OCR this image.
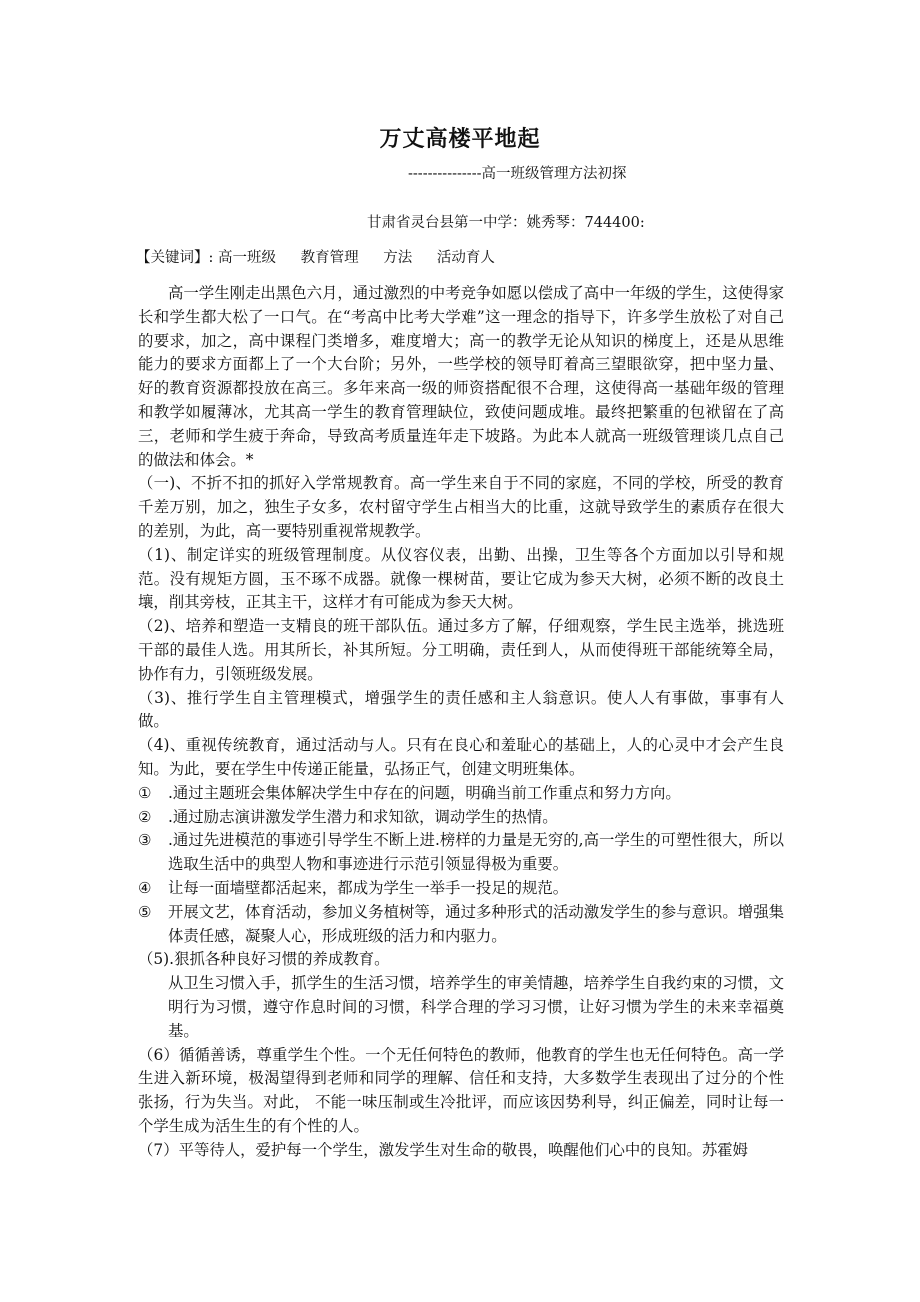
万丈高楼平地起
---------------高一班级管理方法初探
甘肃省灵台县第一中学：姚秀琴：744400:
【关键词】: 高一班级 教育管理 方法 活动育人

高一学生刚走出黑色六月，通过激烈的中考竞争如愿以偿成了高中一年级的学生，这使得家长和学生都大松了一口气。在“考高中比考大学难”这一理念的指导下，许多学生放松了对自己的要求，加之，高中课程门类增多，难度增大；高一的教学无论从知识的梯度上，还是从思维能力的要求方面都上了一个大台阶；另外，一些学校的领导盯着高三望眼欲穿，把中坚力量、好的教育资源都投放在高三。多年来高一级的师资搭配很不合理，这使得高一基础年级的管理和教学如履薄冰，尤其高一学生的教育管理缺位，致使问题成堆。最终把繁重的包袱留在了高三，老师和学生疲于奔命，导致高考质量连年走下坡路。为此本人就高一班级管理谈几点自己的做法和体会。*

（一)、不折不扣的抓好入学常规教育。高一学生来自于不同的家庭，不同的学校，所受的教育千差万别，加之，独生子女多，农村留守学生占相当大的比重，这就导致学生的素质存在很大的差别，为此，高一要特别重视常规教学。

（1)、制定详实的班级管理制度。从仪容仪表，出勤、出操，卫生等各个方面加以引导和规范。没有规矩方圆，玉不琢不成器。就像一棵树苗，要让它成为参天大树，必须不断的改良土壤，削其旁枝，正其主干，这样才有可能成为参天大树。

（2)、培养和塑造一支精良的班干部队伍。通过多方了解，仔细观察，学生民主选举，挑选班干部的最佳人选。用其所长，补其所短。分工明确，责任到人，从而使得班干部能统筹全局，协作有力，引领班级发展。

（3)、推行学生自主管理模式，增强学生的责任感和主人翁意识。使人人有事做，事事有人做。

（4)、重视传统教育，通过活动与人。只有在良心和羞耻心的基础上，人的心灵中才会产生良知。为此，要在学生中传递正能量，弘扬正气，创建文明班集体。

①	.通过主题班会集体解决学生中存在的问题，明确当前工作重点和努力方向。
②	.通过励志演讲激发学生潜力和求知欲，调动学生的热情。
③	.通过先进模范的事迹引导学生不断上进.榜样的力量是无穷的,高一学生的可塑性很大，所以选取生活中的典型人物和事迹进行示范引领显得极为重要。
④	让每一面墙壁都活起来，都成为学生一举手一投足的规范。
⑤	开展文艺，体育活动，参加义务植树等，通过多种形式的活动激发学生的参与意识。增强集体责任感，凝聚人心，形成班级的活力和内驱力。

（5).狠抓各种良好习惯的养成教育。

从卫生习惯入手，抓学生的生活习惯，培养学生的审美情趣，培养学生自我约束的习惯，文明行为习惯，遵守作息时间的习惯，科学合理的学习习惯，让好习惯为学生的未来幸福奠基。

（6）循循善诱，尊重学生个性。一个无任何特色的教师，他教育的学生也无任何特色。高一学生进入新环境，极渴望得到老师和同学的理解、信任和支持，大多数学生表现出了过分的个性张扬，行为失当。对此， 不能一味压制或生冷批评，而应该因势利导，纠正偏差，同时让每一个学生成为活生生的有个性的人。

（7）平等待人，爱护每一个学生，激发学生对生命的敬畏，唤醒他们心中的良知。苏霍姆
